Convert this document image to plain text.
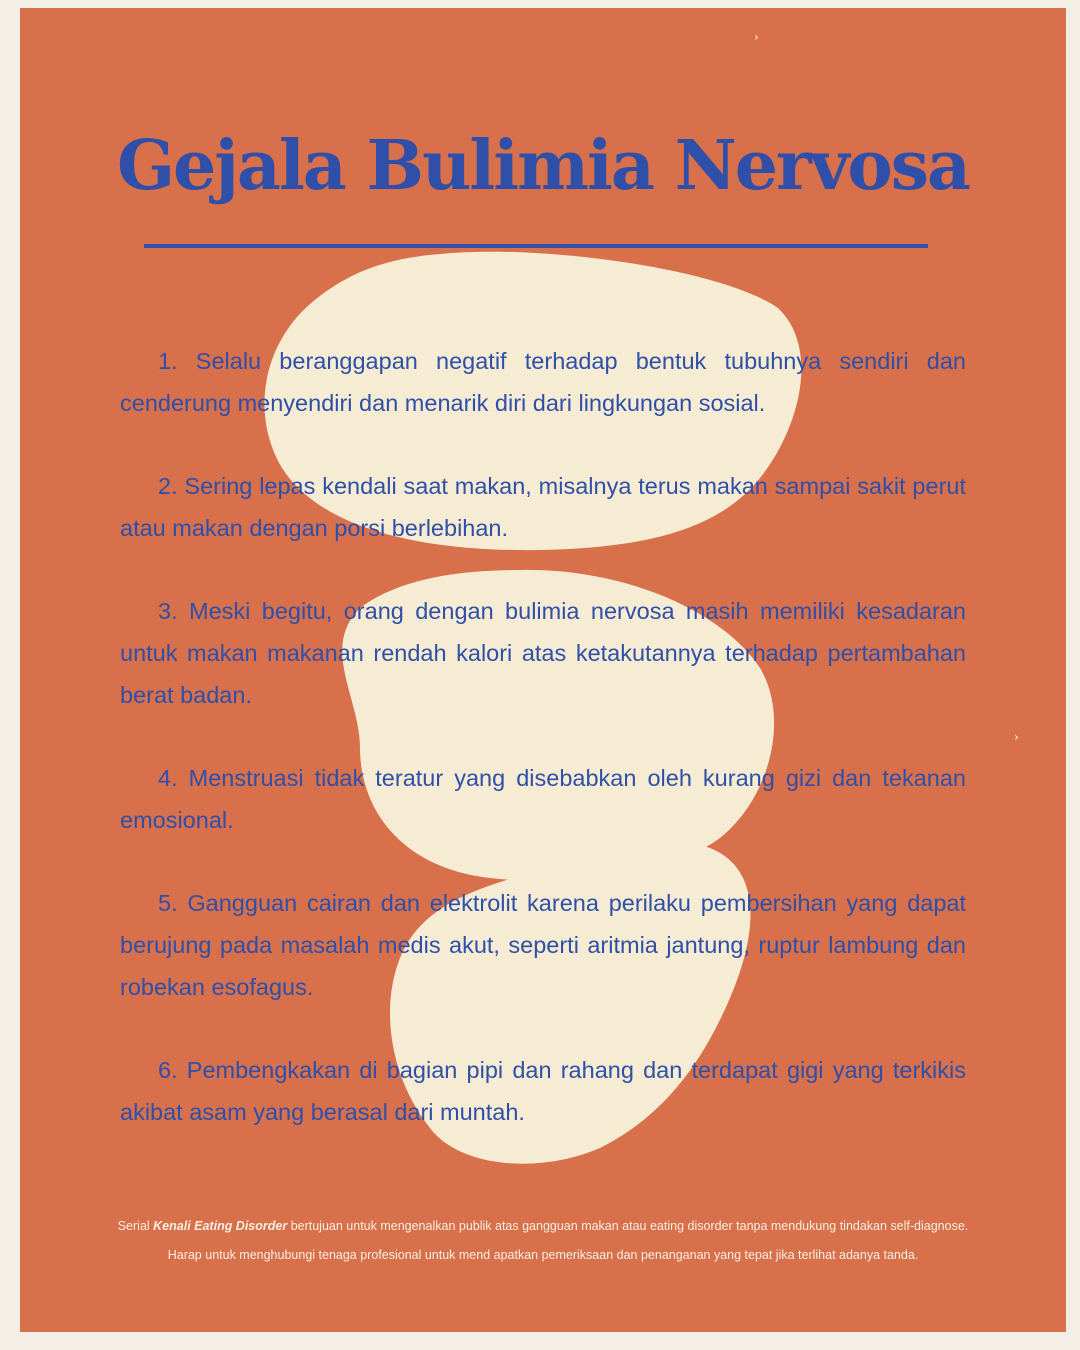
Gejala Bulimia Nervosa
1. Selalu beranggapan negatif terhadap bentuk tubuhnya sendiri dan cenderung menyendiri dan menarik diri dari lingkungan sosial.
2. Sering lepas kendali saat makan, misalnya terus makan sampai sakit perut atau makan dengan porsi berlebihan.
3. Meski begitu, orang dengan bulimia nervosa masih memiliki kesadaran untuk makan makanan rendah kalori atas ketakutannya terhadap pertambahan berat badan.
4. Menstruasi tidak teratur yang disebabkan oleh kurang gizi dan tekanan emosional.
5. Gangguan cairan dan elektrolit karena perilaku pembersihan yang dapat berujung pada masalah medis akut, seperti aritmia jantung, ruptur lambung dan robekan esofagus.
6. Pembengkakan di bagian pipi dan rahang dan terdapat gigi yang terkikis akibat asam yang berasal dari muntah.

Serial Kenali Eating Disorder bertujuan untuk mengenalkan publik atas gangguan makan atau eating disorder tanpa mendukung tindakan self-diagnose. Harap untuk menghubungi tenaga profesional untuk mend apatkan pemeriksaan dan penanganan yang tepat jika terlihat adanya tanda.

›
›
